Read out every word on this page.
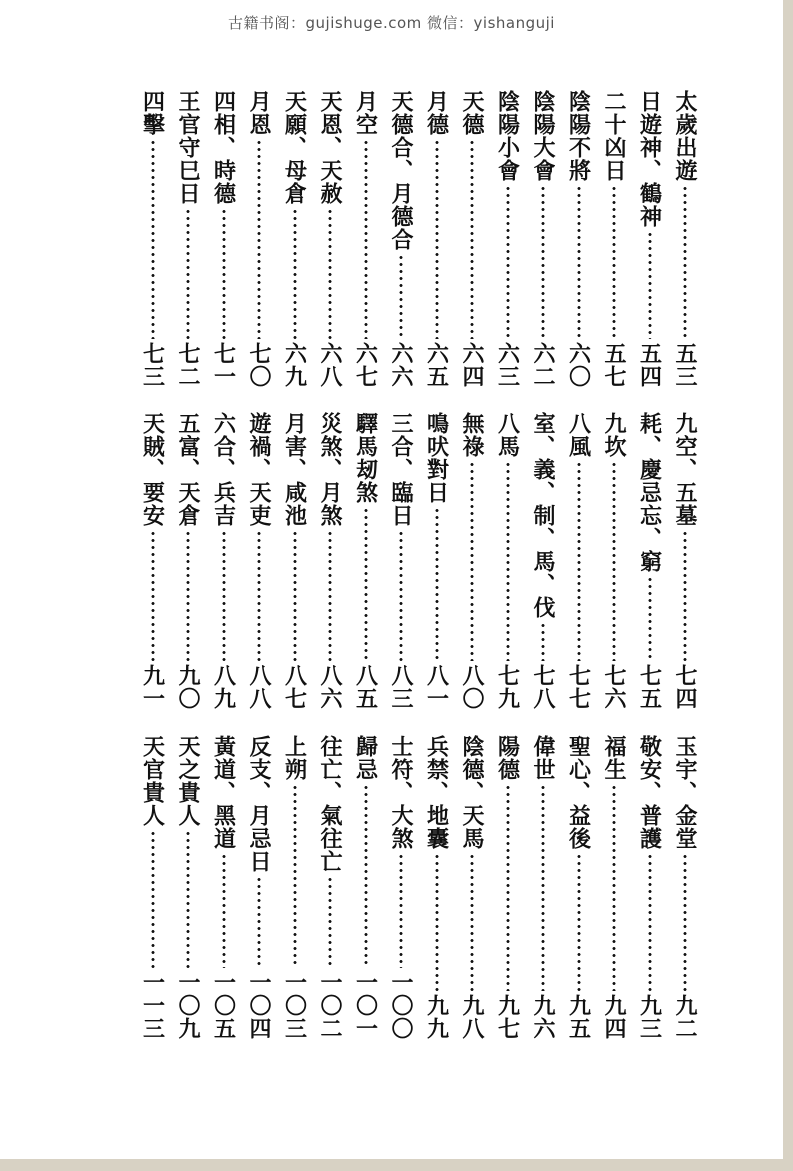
古籍书阁：gujishuge.com 微信：yishanguji
太歲出遊
五三
日遊神、鶴神
五四
二十凶日
五七
陰陽不將
六〇
陰陽大會
六二
陰陽小會
六三
天德
六四
月德
六五
天德合、月德合
六六
月空
六七
天恩、天赦
六八
天願、母倉
六九
月恩
七〇
四相、時德
七一
王官守巳日
七二
四擊
七三
九空、五墓
七四
耗、慶忌忘、窮
七五
九坎
七六
八風
七七
室、義、制、馬、伐
七八
八馬
七九
無祿
八〇
鳴吠對日
八一
三合、臨日
八三
驛馬刼煞
八五
災煞、月煞
八六
月害、咸池
八七
遊禍、天吏
八八
六合、兵吉
八九
五富、天倉
九〇
天賊、要安
九一
玉宇、金堂
九二
敬安、普護
九三
福生
九四
聖心、益後
九五
偉世
九六
陽德
九七
陰德、天馬
九八
兵禁、地囊
九九
士符、大煞
一〇〇
歸忌
一〇一
往亡、氣往亡
一〇二
上朔
一〇三
反支、月忌日
一〇四
黃道、黑道
一〇五
天之貴人
一〇九
天官貴人
一一三
